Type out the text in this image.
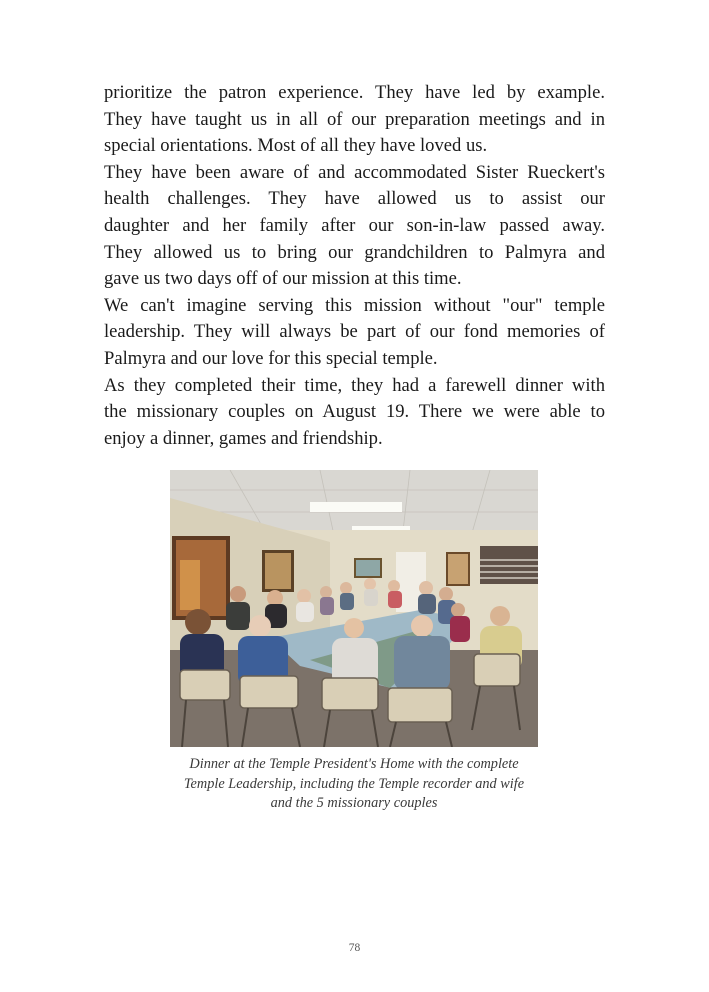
prioritize the patron experience. They have led by example.
They have taught us in all of our preparation meetings and in
special orientations. Most of all they have loved us.

They have been aware of and accommodated Sister Rueckert's
health challenges. They have allowed us to assist our
daughter and her family after our son-in-law passed away.
They allowed us to bring our grandchildren to Palmyra and
gave us two days off of our mission at this time.

We can't imagine serving this mission without "our" temple
leadership. They will always be part of our fond memories of
Palmyra and our love for this special temple.

As they completed their time, they had a farewell dinner with
the missionary couples on August 19. There we were able to
enjoy a dinner, games and friendship.

Dinner at the Temple President's Home with the complete
Temple Leadership, including the Temple recorder and wife
and the 5 missionary couples
78
